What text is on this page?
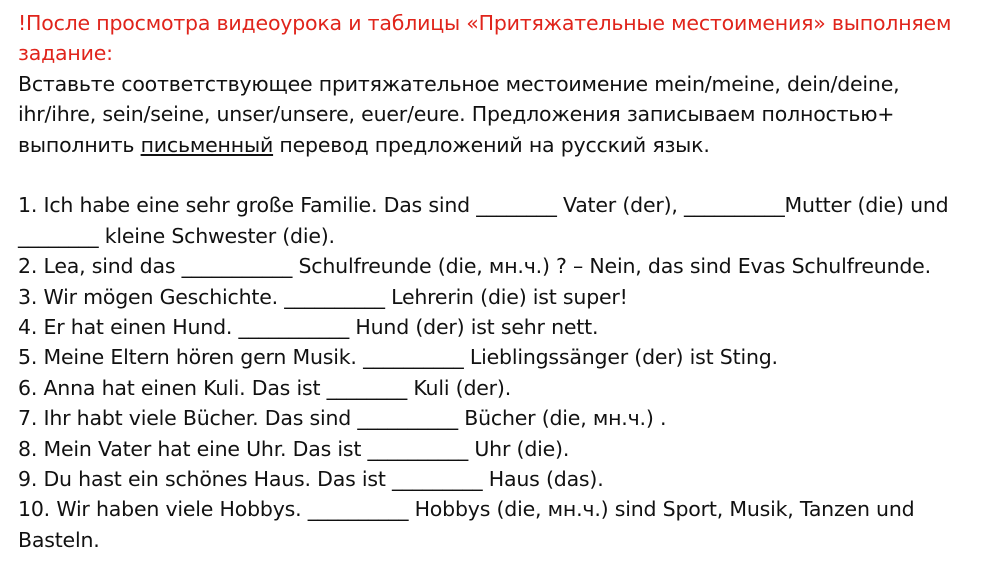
!После просмотра видеоурока и таблицы «Притяжательные местоимения» выполняем задание:

Вставьте соответствующее притяжательное местоимение mein/meine, dein/deine, ihr/ihre, sein/seine, unser/unsere, euer/eure. Предложения записываем полностью+ выполнить письменный перевод предложений на русский язык.

1. Ich habe eine sehr große Familie. Das sind ________ Vater (der), __________Mutter (die) und ________ kleine Schwester (die).
2. Lea, sind das ___________ Schulfreunde (die, мн.ч.) ? – Nein, das sind Evas Schulfreunde.
3. Wir mögen Geschichte. __________ Lehrerin (die) ist super!
4. Er hat einen Hund. ___________ Hund (der) ist sehr nett.
5. Meine Eltern hören gern Musik. __________ Lieblingssänger (der) ist Sting.
6. Anna hat einen Kuli. Das ist ________ Kuli (der).
7. Ihr habt viele Bücher. Das sind __________ Bücher (die, мн.ч.) .
8. Mein Vater hat eine Uhr. Das ist __________ Uhr (die).
9. Du hast ein schönes Haus. Das ist _________ Haus (das).
10. Wir haben viele Hobbys. __________ Hobbys (die, мн.ч.) sind Sport, Musik, Tanzen und Basteln.
